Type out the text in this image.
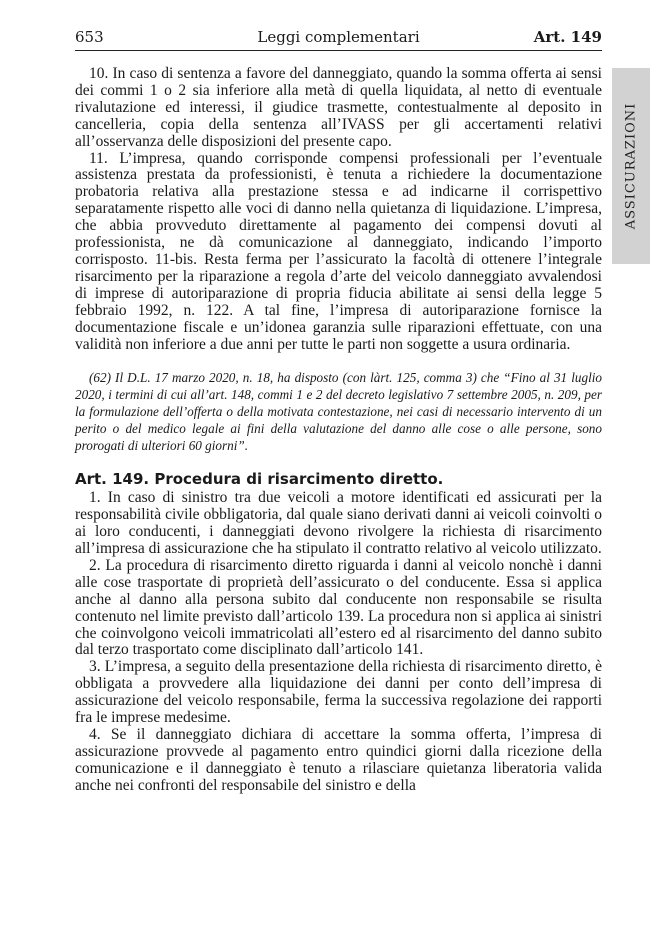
653	Leggi complementari	Art. 149
ASSICURAZIONI

10. In caso di sentenza a favore del danneggiato, quando la somma offerta ai sensi dei commi 1 o 2 sia inferiore alla metà di quella liquidata, al netto di eventuale rivalutazione ed interessi, il giudice trasmette, contestualmente al deposito in cancelleria, copia della sentenza all’IVASS per gli accertamenti relativi all’osservanza delle disposizioni del presente capo.

11. L’impresa, quando corrisponde compensi professionali per l’eventuale assistenza prestata da professionisti, è tenuta a richiedere la documentazione probatoria relativa alla prestazione stessa e ad indicarne il corrispettivo separatamente rispetto alle voci di danno nella quietanza di liquidazione. L’impresa, che abbia provveduto direttamente al pagamento dei compensi dovuti al professionista, ne dà comunicazione al danneggiato, indicando l’importo corrisposto. 11-bis. Resta ferma per l’assicurato la facoltà di ottenere l’integrale risarcimento per la riparazione a regola d’arte del veicolo danneggiato avvalendosi di imprese di autoriparazione di propria fiducia abilitate ai sensi della legge 5 febbraio 1992, n. 122. A tal fine, l’impresa di autoriparazione fornisce la documentazione fiscale e un’idonea garanzia sulle riparazioni effettuate, con una validità non inferiore a due anni per tutte le parti non soggette a usura ordinaria.

(62) Il D.L. 17 marzo 2020, n. 18, ha disposto (con làrt. 125, comma 3) che “Fino al 31 luglio 2020, i termini di cui all’art. 148, commi 1 e 2 del decreto legislativo 7 settembre 2005, n. 209, per la formulazione dell’offerta o della motivata contestazione, nei casi di necessario intervento di un perito o del medico legale ai fini della valutazione del danno alle cose o alle persone, sono prorogati di ulteriori 60 giorni”.

Art. 149. Procedura di risarcimento diretto.

1. In caso di sinistro tra due veicoli a motore identificati ed assicurati per la responsabilità civile obbligatoria, dal quale siano derivati danni ai veicoli coinvolti o ai loro conducenti, i danneggiati devono rivolgere la richiesta di risarcimento all’impresa di assicurazione che ha stipulato il contratto relativo al veicolo utilizzato.

2. La procedura di risarcimento diretto riguarda i danni al veicolo nonchè i danni alle cose trasportate di proprietà dell’assicurato o del conducente. Essa si applica anche al danno alla persona subito dal conducente non responsabile se risulta contenuto nel limite previsto dall’articolo 139. La procedura non si applica ai sinistri che coinvolgono veicoli immatricolati all’estero ed al risarcimento del danno subito dal terzo trasportato come disciplinato dall’articolo 141.

3. L’impresa, a seguito della presentazione della richiesta di risarcimento diretto, è obbligata a provvedere alla liquidazione dei danni per conto dell’impresa di assicurazione del veicolo responsabile, ferma la successiva regolazione dei rapporti fra le imprese medesime.

4. Se il danneggiato dichiara di accettare la somma offerta, l’impresa di assicurazione provvede al pagamento entro quindici giorni dalla ricezione della comunicazione e il danneggiato è tenuto a rilasciare quietanza liberatoria valida anche nei confronti del responsabile del sinistro e della
